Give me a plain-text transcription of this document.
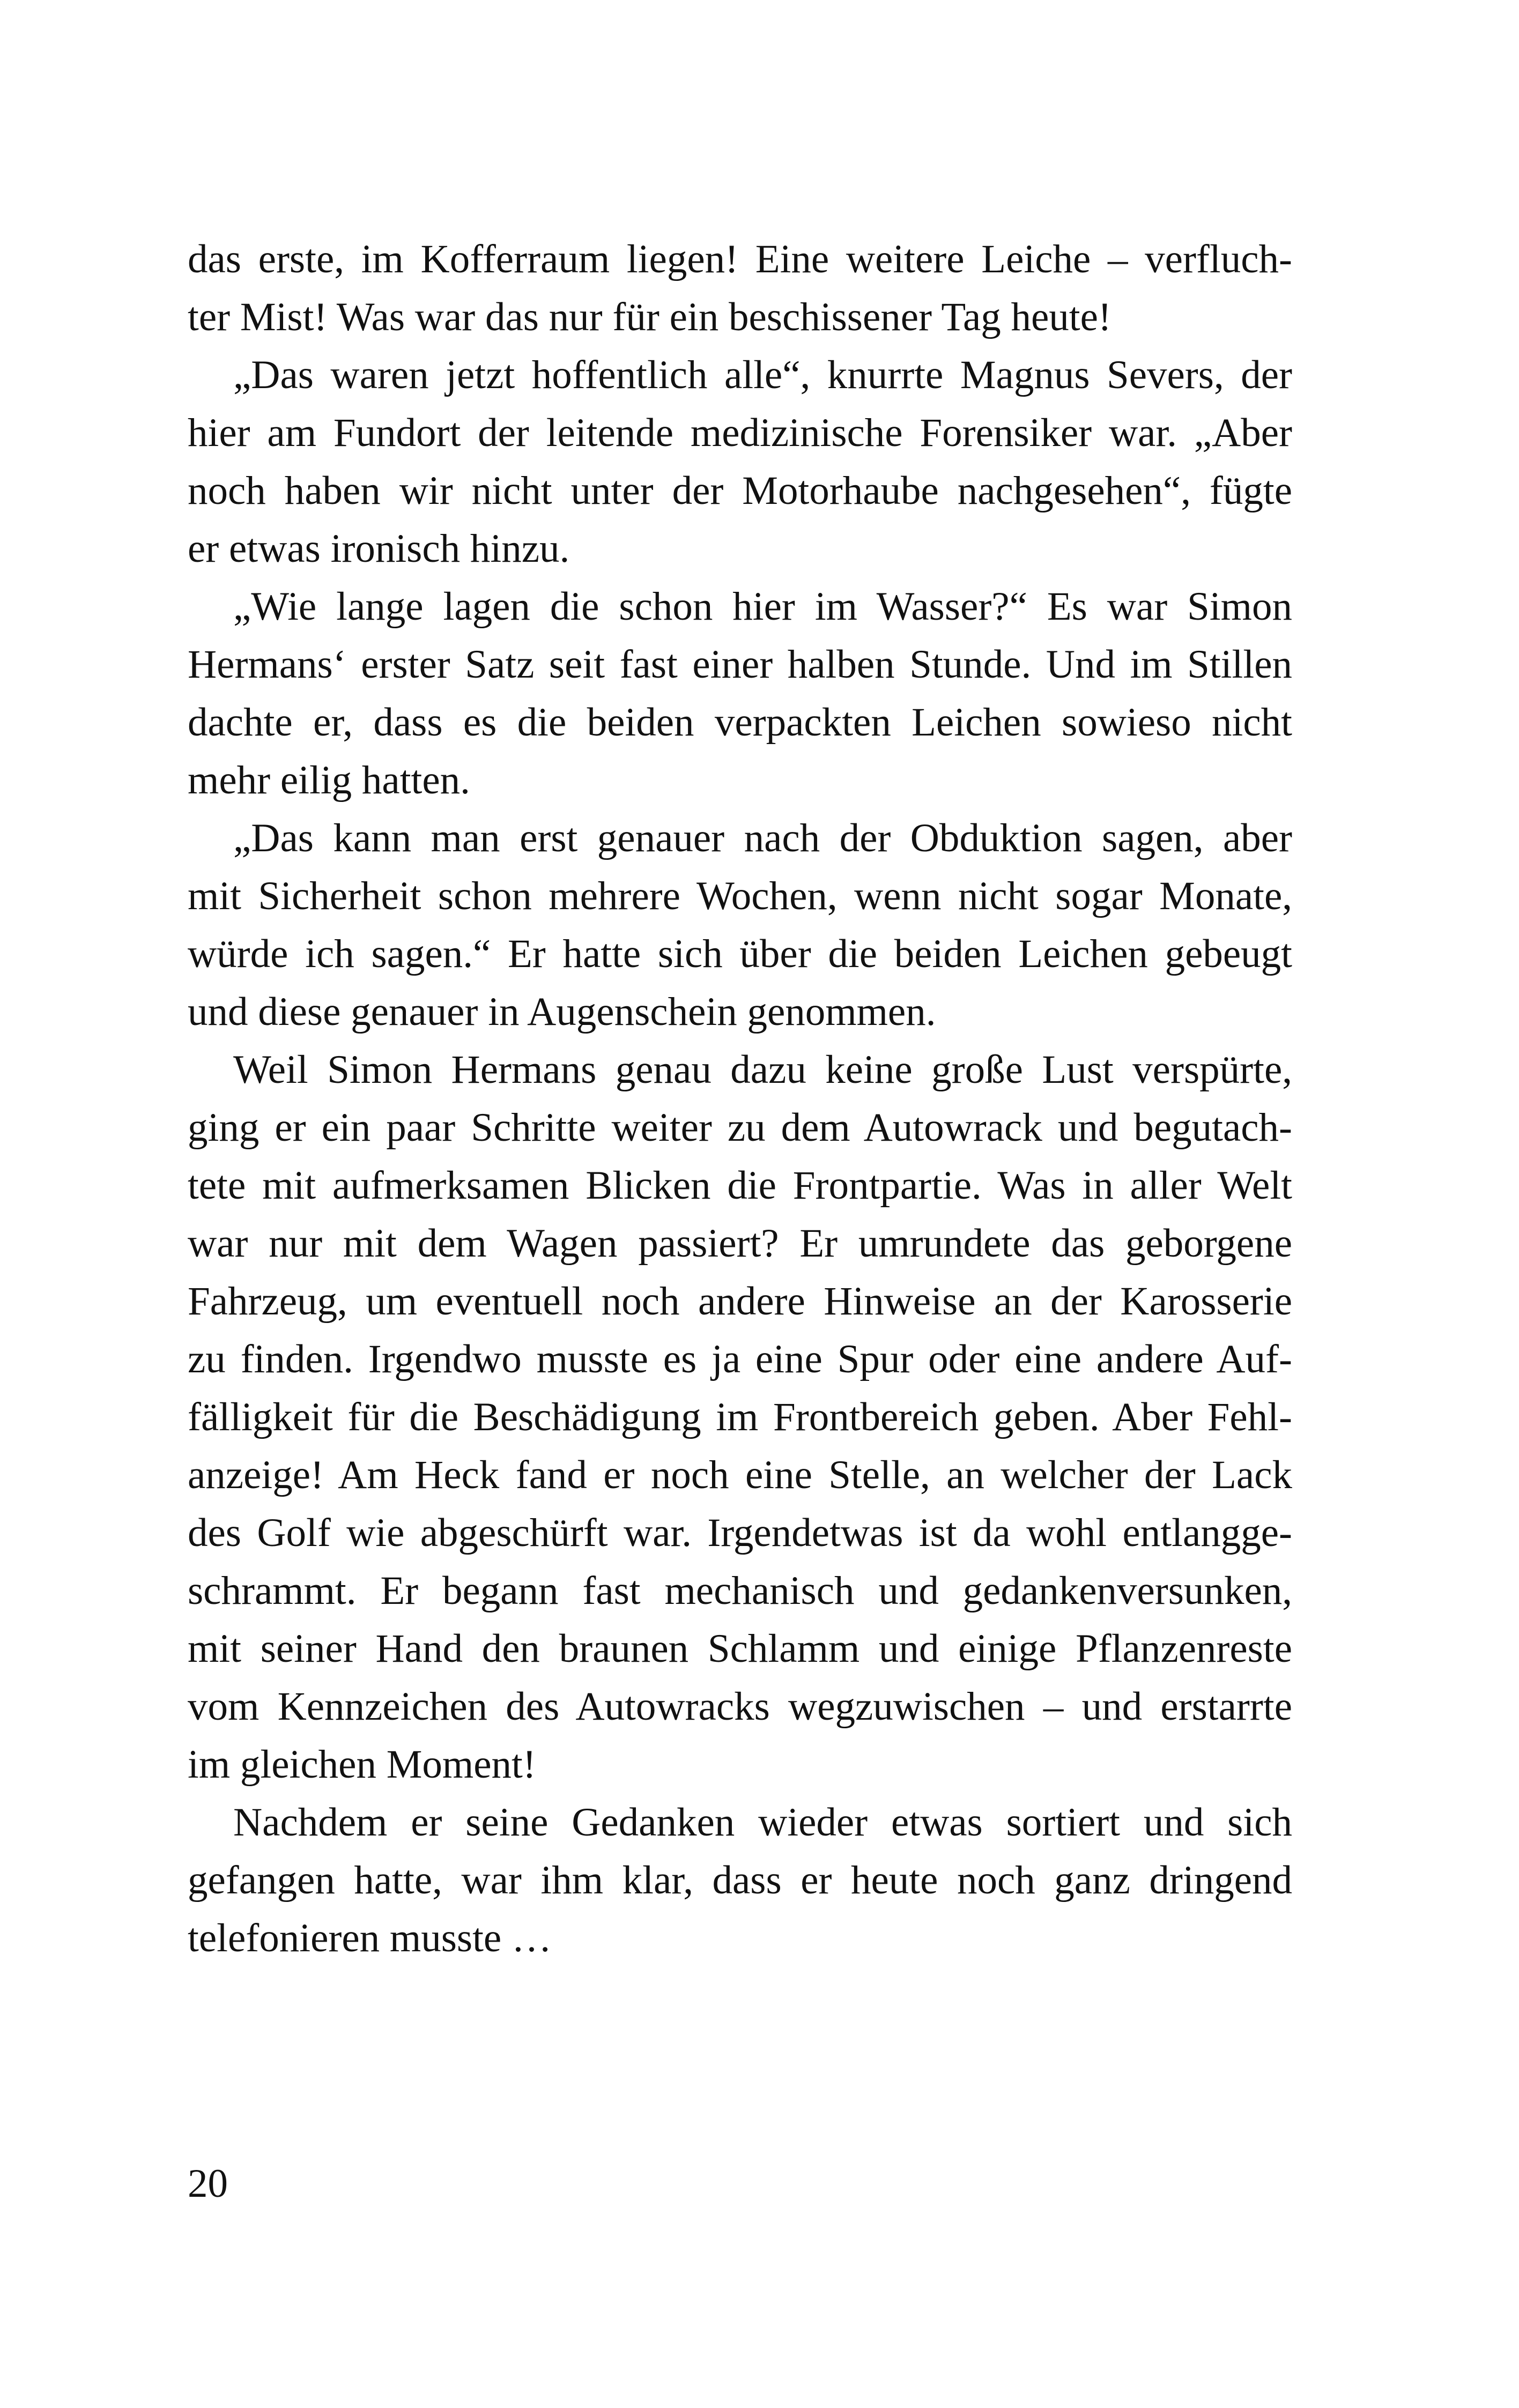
das erste, im Kofferraum liegen! Eine weitere Leiche – verfluch-
ter Mist! Was war das nur für ein beschissener Tag heute!
„Das waren jetzt hoffentlich alle“, knurrte Magnus Severs, der
hier am Fundort der leitende medizinische Forensiker war. „Aber
noch haben wir nicht unter der Motorhaube nachgesehen“, fügte
er etwas ironisch hinzu.
„Wie lange lagen die schon hier im Wasser?“ Es war Simon
Hermans‘ erster Satz seit fast einer halben Stunde. Und im Stillen
dachte er, dass es die beiden verpackten Leichen sowieso nicht
mehr eilig hatten.
„Das kann man erst genauer nach der Obduktion sagen, aber
mit Sicherheit schon mehrere Wochen, wenn nicht sogar Monate,
würde ich sagen.“ Er hatte sich über die beiden Leichen gebeugt
und diese genauer in Augenschein genommen.
Weil Simon Hermans genau dazu keine große Lust verspürte,
ging er ein paar Schritte weiter zu dem Autowrack und begutach-
tete mit aufmerksamen Blicken die Frontpartie. Was in aller Welt
war nur mit dem Wagen passiert? Er umrundete das geborgene
Fahrzeug, um eventuell noch andere Hinweise an der Karosserie
zu finden. Irgendwo musste es ja eine Spur oder eine andere Auf-
fälligkeit für die Beschädigung im Frontbereich geben. Aber Fehl-
anzeige! Am Heck fand er noch eine Stelle, an welcher der Lack
des Golf wie abgeschürft war. Irgendetwas ist da wohl entlangge-
schrammt. Er begann fast mechanisch und gedankenversunken,
mit seiner Hand den braunen Schlamm und einige Pflanzenreste
vom Kennzeichen des Autowracks wegzuwischen – und erstarrte
im gleichen Moment!
Nachdem er seine Gedanken wieder etwas sortiert und sich
gefangen hatte, war ihm klar, dass er heute noch ganz dringend
telefonieren musste …
20
